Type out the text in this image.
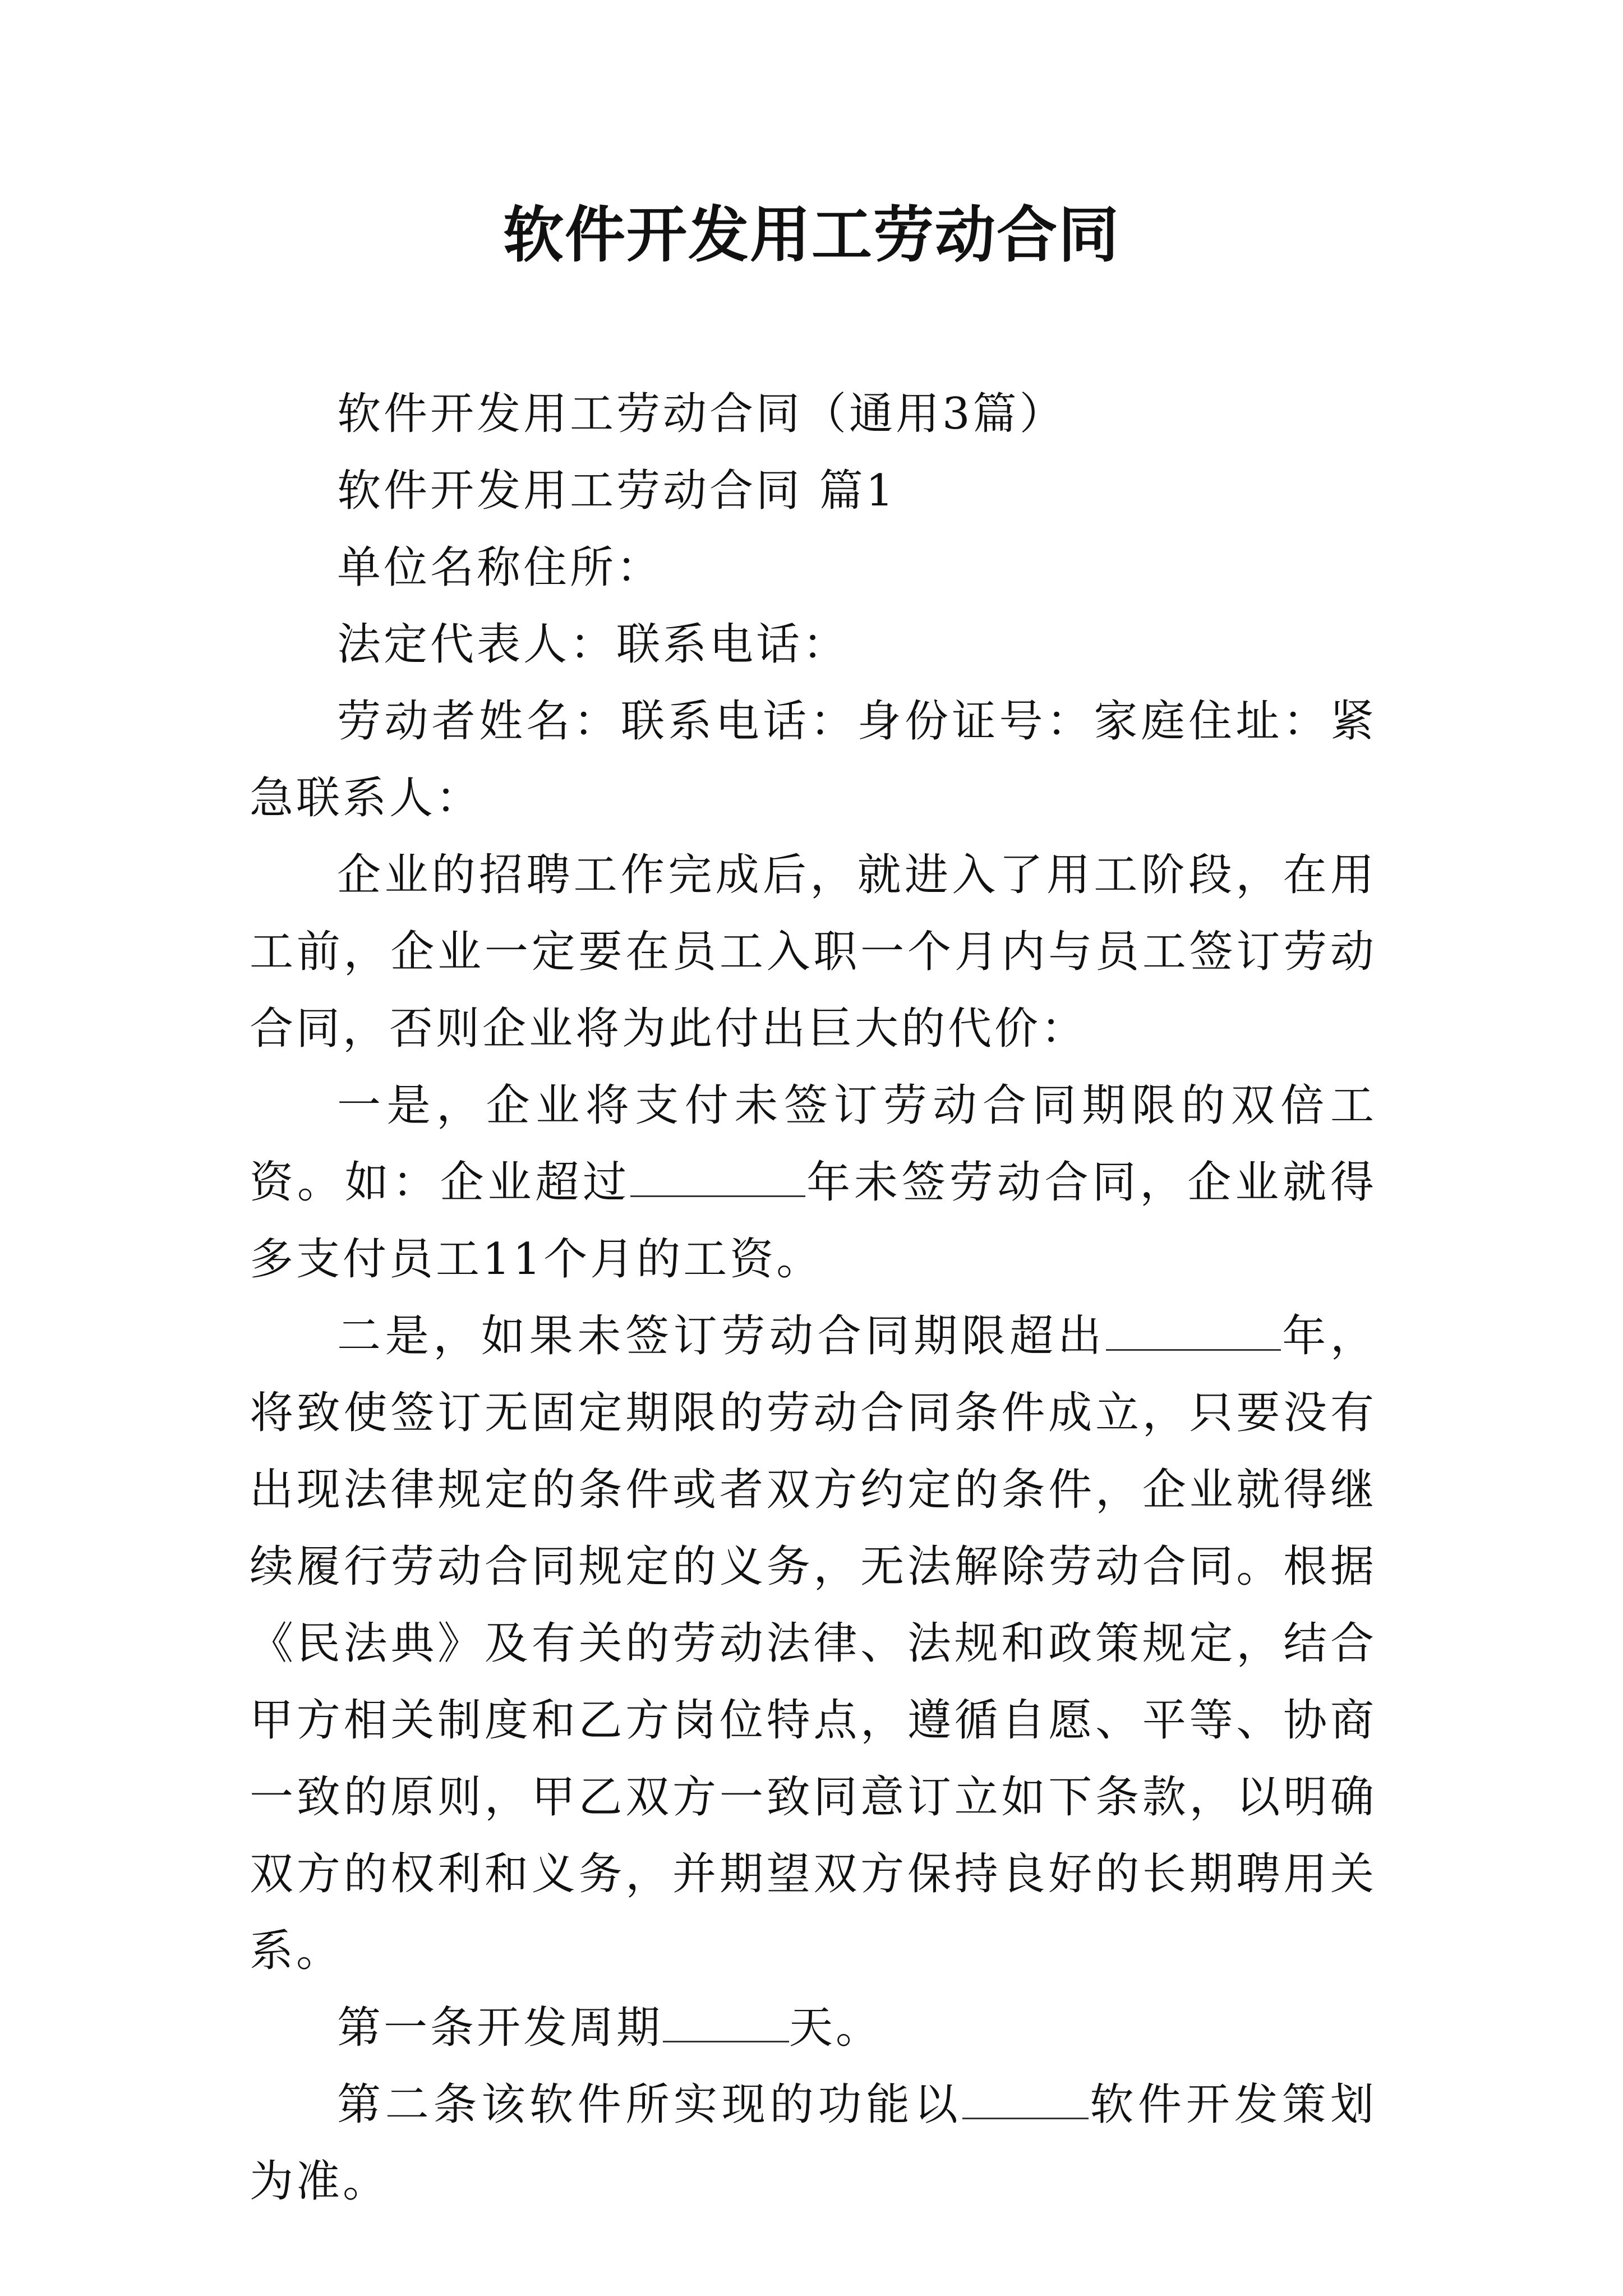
软件开发用工劳动合同

软件开发用工劳动合同（通用3篇）

软件开发用工劳动合同 篇1

单位名称住所：

法定代表人：联系电话：

劳动者姓名：联系电话：身份证号：家庭住址：紧急联系人：

企业的招聘工作完成后，就进入了用工阶段，在用工前，企业一定要在员工入职一个月内与员工签订劳动合同，否则企业将为此付出巨大的代价：

一是，企业将支付未签订劳动合同期限的双倍工资。如：企业超过	年未签劳动合同，企业就得多支付员工11个月的工资。

二是，如果未签订劳动合同期限超出	年，将致使签订无固定期限的劳动合同条件成立，只要没有出现法律规定的条件或者双方约定的条件，企业就得继续履行劳动合同规定的义务，无法解除劳动合同。根据《民法典》及有关的劳动法律、法规和政策规定，结合甲方相关制度和乙方岗位特点，遵循自愿、平等、协商一致的原则，甲乙双方一致同意订立如下条款，以明确双方的权利和义务，并期望双方保持良好的长期聘用关系。

第一条开发周期	天。

第二条该软件所实现的功能以	软件开发策划为准。
